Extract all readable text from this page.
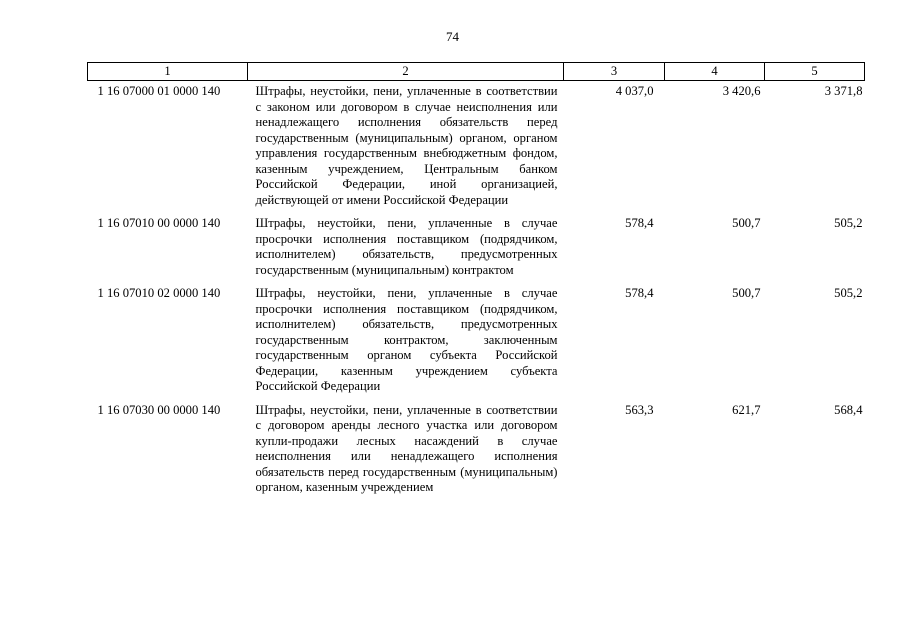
74
1	2	3	4	5
1 16 07000 01 0000 140	Штрафы, неустойки, пени, уплаченные в соответствии с законом или договором в случае неисполнения или ненадлежащего исполнения обязательств перед государственным (муниципальным) органом, органом управления государственным внебюджетным фондом, казенным учреждением, Центральным банком Российской Федерации, иной организацией, действующей от имени Российской Федерации	4 037,0	3 420,6	3 371,8
1 16 07010 00 0000 140	Штрафы, неустойки, пени, уплаченные в случае просрочки исполнения поставщиком (подрядчиком, исполнителем) обязательств, предусмотренных государственным (муниципальным) контрактом	578,4	500,7	505,2
1 16 07010 02 0000 140	Штрафы, неустойки, пени, уплаченные в случае просрочки исполнения поставщиком (подрядчиком, исполнителем) обязательств, предусмотренных государственным контрактом, заключенным государственным органом субъекта Российской Федерации, казенным учреждением субъекта Российской Федерации	578,4	500,7	505,2
1 16 07030 00 0000 140	Штрафы, неустойки, пени, уплаченные в соответствии с договором аренды лесного участка или договором купли-продажи лесных насаждений в случае неисполнения или ненадлежащего исполнения обязательств перед государственным (муниципальным) органом, казенным учреждением	563,3	621,7	568,4
